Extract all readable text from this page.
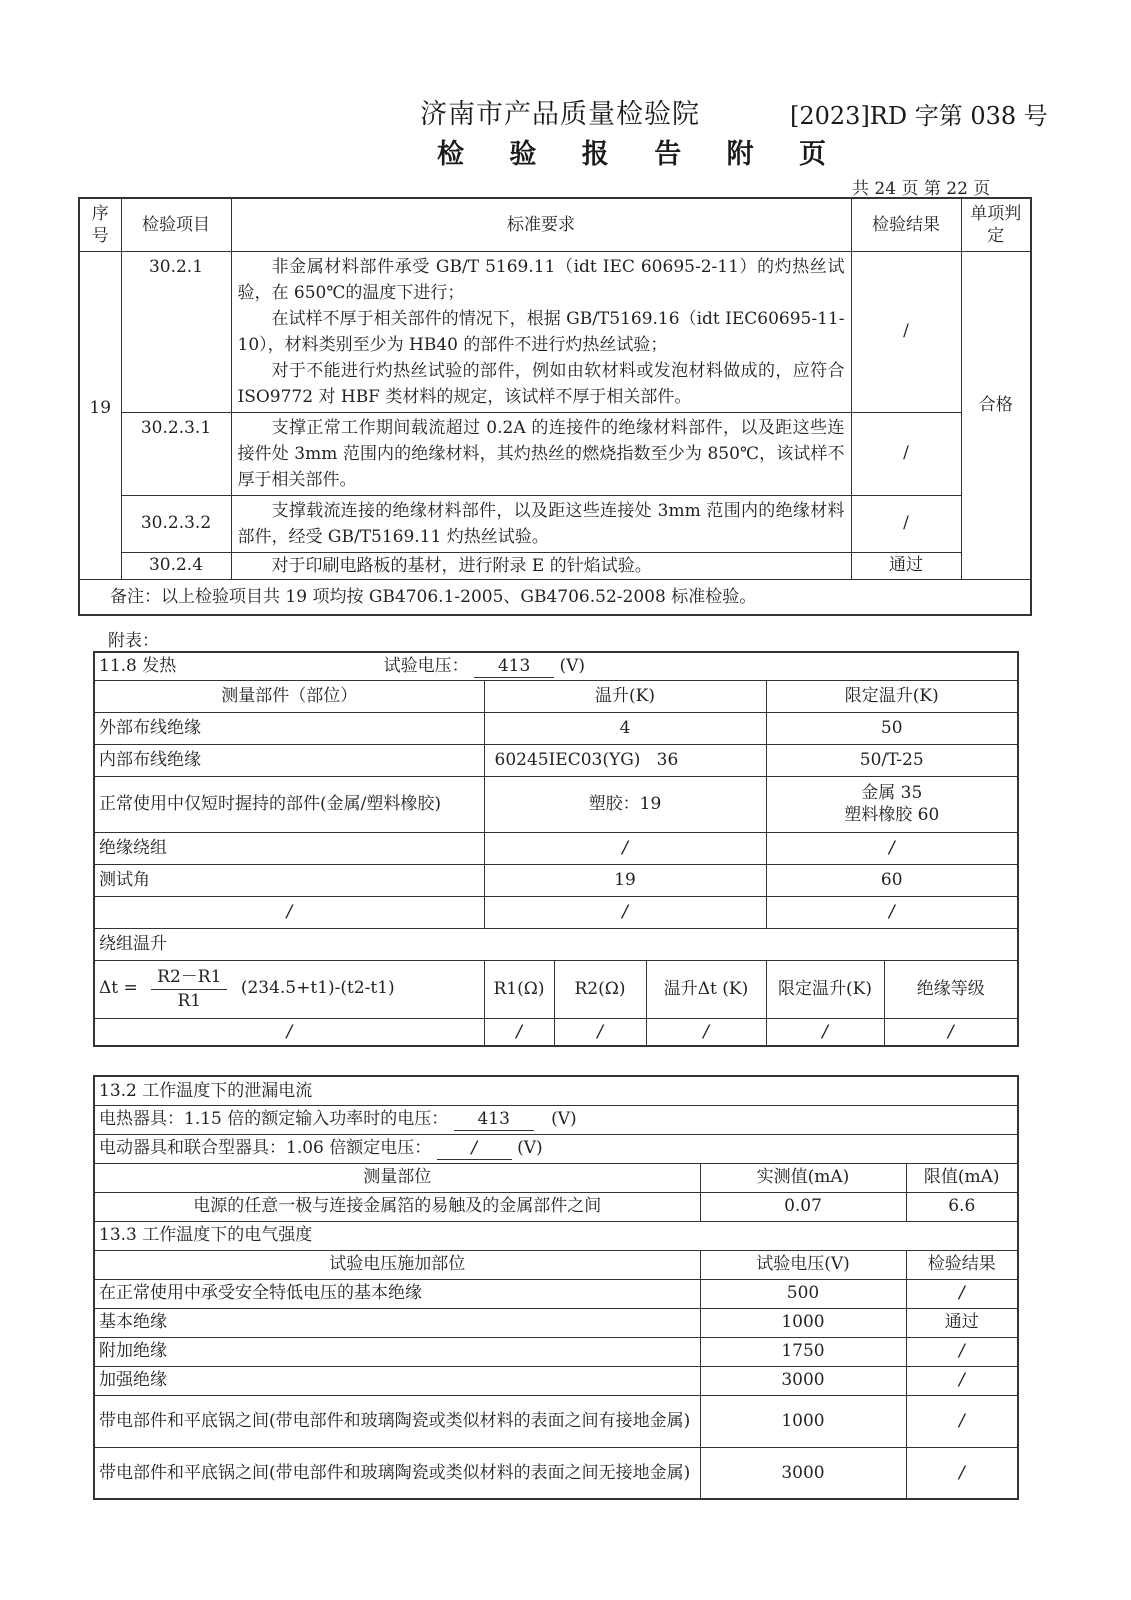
济南市产品质量检验院	[2023]RD 字第 038 号
检 验 报 告 附 页
共 24 页 第 22 页
序号	检验项目	标准要求	检验结果	单项判定
19	30.2.1	非金属材料部件承受 GB/T 5169.11（idt IEC 60695-2-11）的灼热丝试验，在 650℃的温度下进行；

在试样不厚于相关部件的情况下，根据 GB/T5169.16（idt IEC60695-11-10），材料类别至少为 HB40 的部件不进行灼热丝试验；

对于不能进行灼热丝试验的部件，例如由软材料或发泡材料做成的，应符合 ISO9772 对 HBF 类材料的规定，该试样不厚于相关部件。	/	合格
	30.2.3.1	支撑正常工作期间载流超过 0.2A 的连接件的绝缘材料部件，以及距这些连接件处 3mm 范围内的绝缘材料，其灼热丝的燃烧指数至少为 850℃，该试样不厚于相关部件。	/	
	30.2.3.2	支撑载流连接的绝缘材料部件，以及距这些连接处 3mm 范围内的绝缘材料部件，经受 GB/T5169.11 灼热丝试验。	/	
	30.2.4	对于印刷电路板的基材，进行附录 E 的针焰试验。	通过	
备注：以上检验项目共 19 项均按 GB4706.1-2005、GB4706.52-2008 标准检验。				
附表：
11.8 发热 试验电压： 413 (V)					
测量部件（部位）	温升(K)			限定温升(K)	
外部布线绝缘	4			50	
内部布线绝缘	60245IEC03(YG)   36			50/T-25	
正常使用中仅短时握持的部件(金属/塑料橡胶)	塑胶：19			金属 35
塑料橡胶 60	
绝缘绕组	/			/	
测试角	19			60	
/	/			/	
绕组温升					
$\Delta t = \frac{R2-R1}{R1} (234.5+t1)-(t2-t1)$	R1(Ω)	R2(Ω)	温升Δt (K)	限定温升(K)	绝缘等级
/	/	/	/	/	/
13.2 工作温度下的泄漏电流		
电热器具：1.15 倍的额定输入功率时的电压： 413 (V)		
电动器具和联合型器具：1.06 倍额定电压： / (V)		
测量部位	实测值(mA)	限值(mA)
电源的任意一极与连接金属箔的易触及的金属部件之间	0.07	6.6
13.3 工作温度下的电气强度		
试验电压施加部位	试验电压(V)	检验结果
在正常使用中承受安全特低电压的基本绝缘	500	/
基本绝缘	1000	通过
附加绝缘	1750	/
加强绝缘	3000	/
带电部件和平底锅之间(带电部件和玻璃陶瓷或类似材料的表面之间有接地金属)	1000	/
带电部件和平底锅之间(带电部件和玻璃陶瓷或类似材料的表面之间无接地金属)	3000	/
